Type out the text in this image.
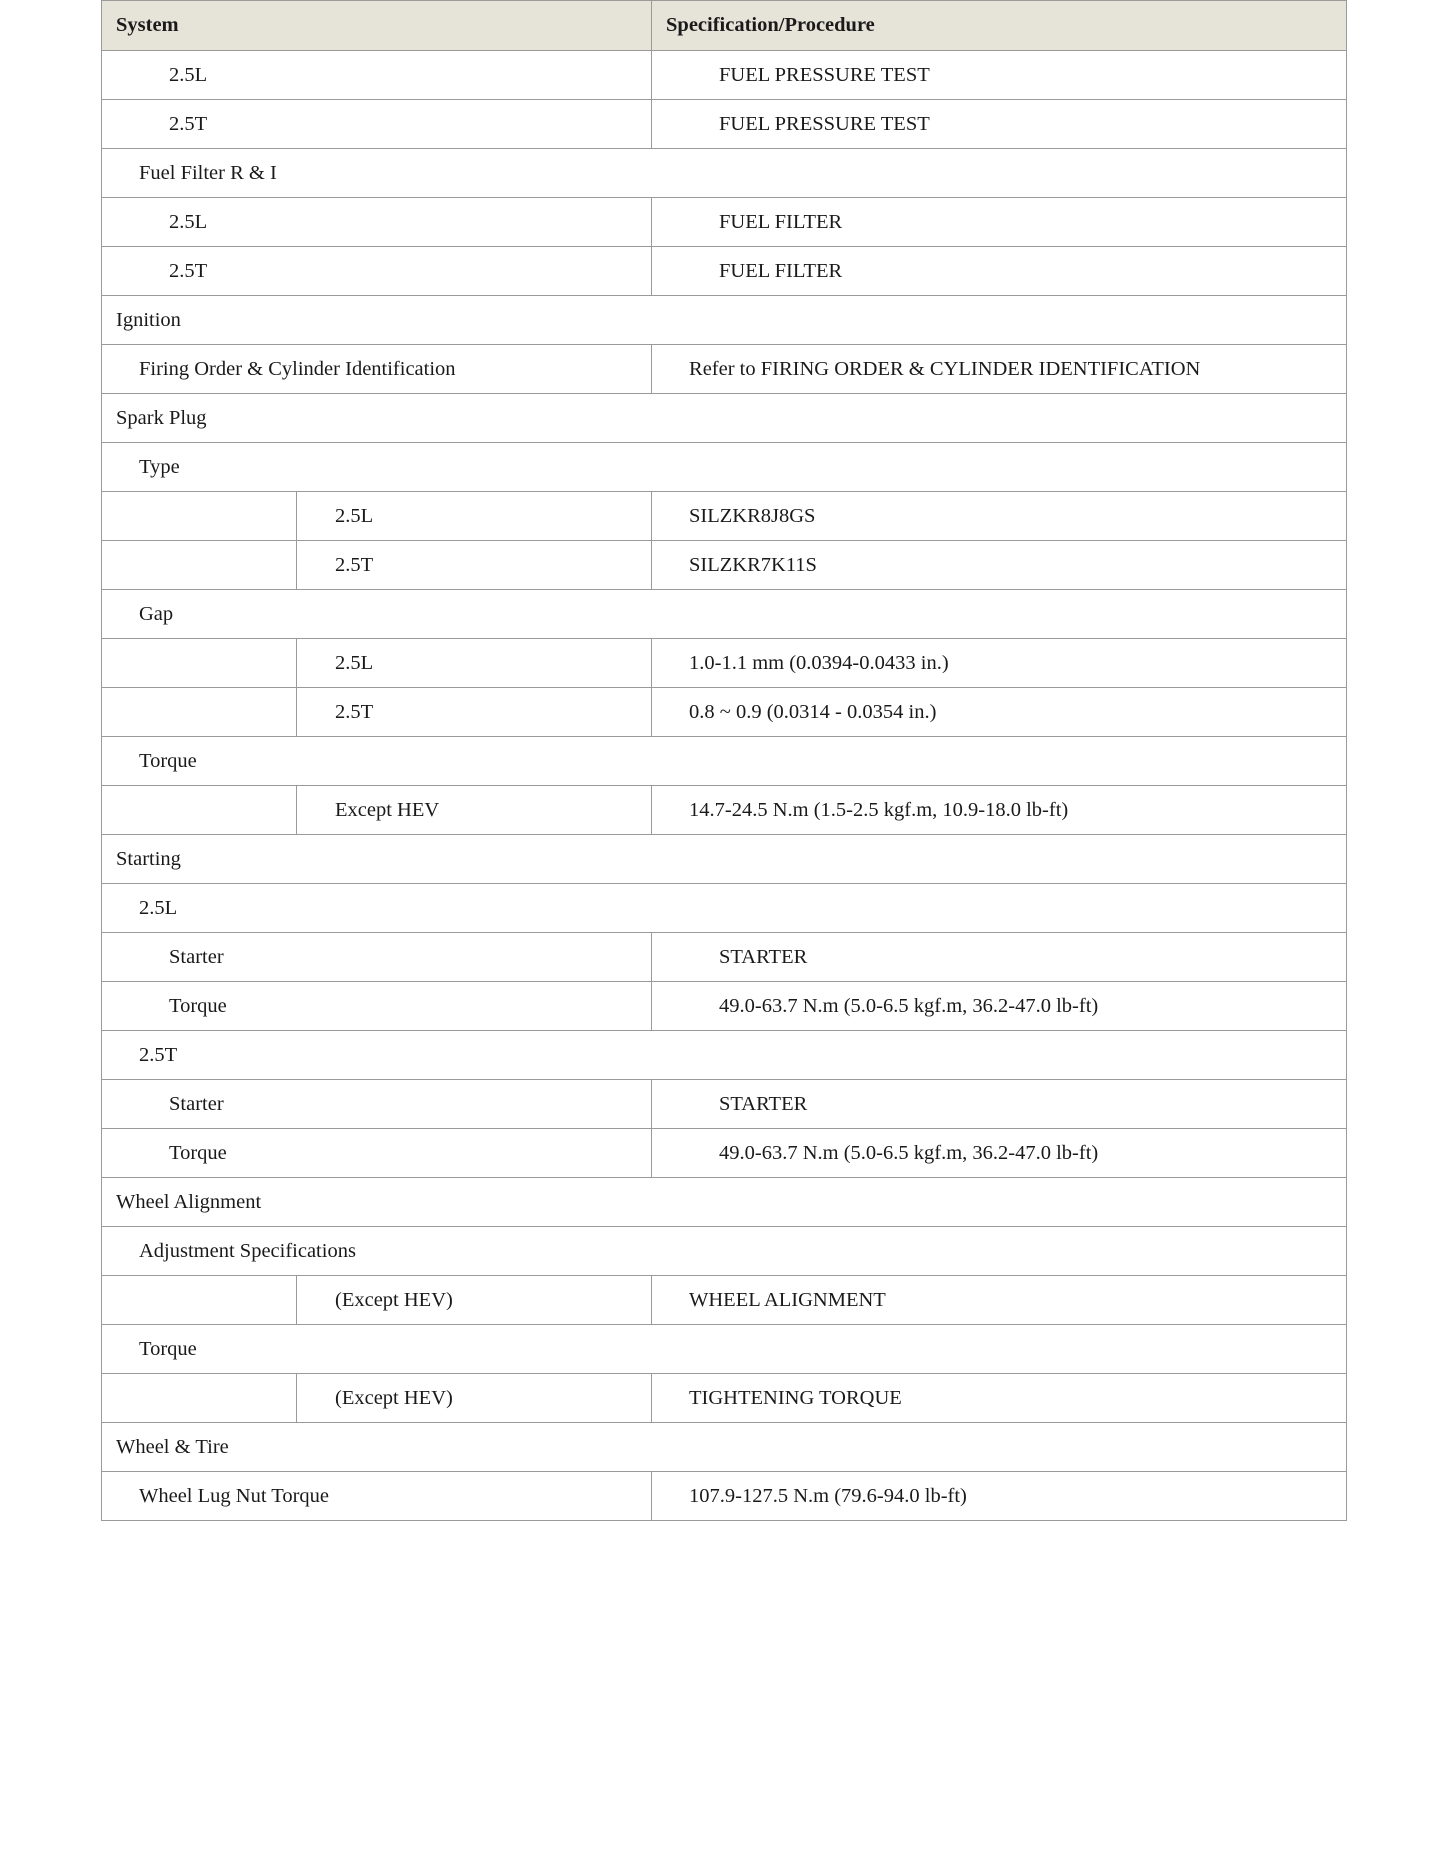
System		Specification/Procedure
2.5L		FUEL PRESSURE TEST
2.5T		FUEL PRESSURE TEST
Fuel Filter R & I		
2.5L		FUEL FILTER
2.5T		FUEL FILTER
Ignition		
Firing Order & Cylinder Identification		Refer to FIRING ORDER & CYLINDER IDENTIFICATION
Spark Plug		
Type		
	2.5L	SILZKR8J8GS
	2.5T	SILZKR7K11S
Gap		
	2.5L	1.0-1.1 mm (0.0394-0.0433 in.)
	2.5T	0.8 ~ 0.9 (0.0314 - 0.0354 in.)
Torque		
	Except HEV	14.7-24.5 N.m (1.5-2.5 kgf.m, 10.9-18.0 lb-ft)
Starting		
2.5L		
Starter		STARTER
Torque		49.0-63.7 N.m (5.0-6.5 kgf.m, 36.2-47.0 lb-ft)
2.5T		
Starter		STARTER
Torque		49.0-63.7 N.m (5.0-6.5 kgf.m, 36.2-47.0 lb-ft)
Wheel Alignment		
Adjustment Specifications		
	(Except HEV)	WHEEL ALIGNMENT
Torque		
	(Except HEV)	TIGHTENING TORQUE
Wheel & Tire		
Wheel Lug Nut Torque		107.9-127.5 N.m (79.6-94.0 lb-ft)
